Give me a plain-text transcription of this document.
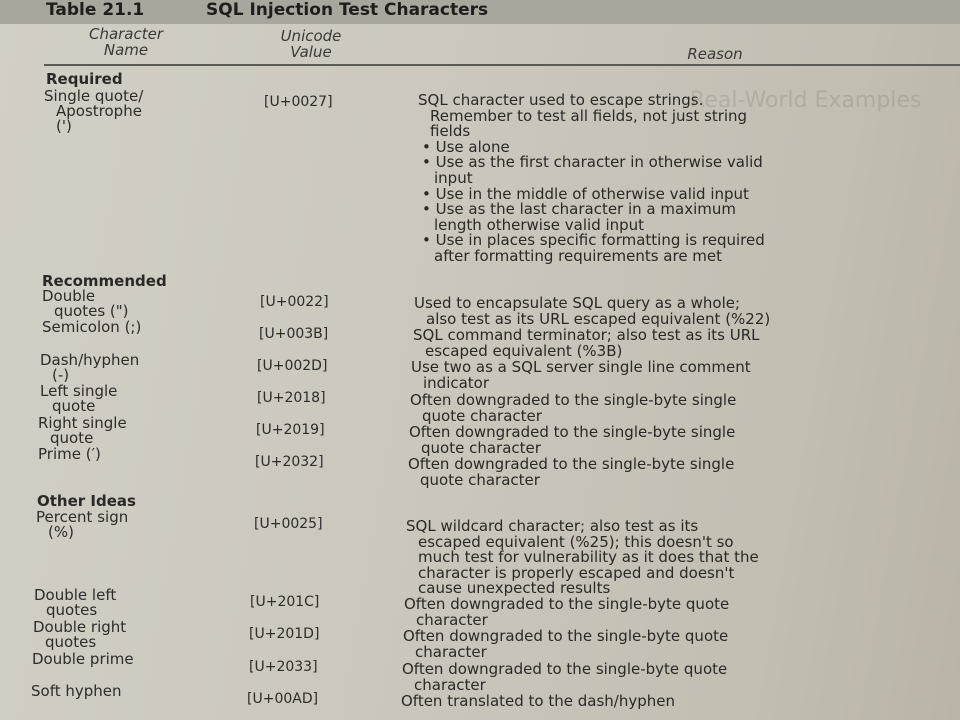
Real-World Examples
Table 21.1	SQL Injection Test Characters
Character
Name
Unicode
Value	Reason
Required
Single quote/
Apostrophe
(')
[U+0027]	SQL character used to escape strings.
Remember to test all fields, not just string
fields
• Use alone
• Use as the first character in otherwise valid
input
• Use in the middle of otherwise valid input
• Use as the last character in a maximum
length otherwise valid input
• Use in places specific formatting is required
after formatting requirements are met
Recommended
Double
quotes (")	[U+0022]	Used to encapsulate SQL query as a whole;
also test as its URL escaped equivalent (%22)
Semicolon (;)	[U+003B]	SQL command terminator; also test as its URL
escaped equivalent (%3B)
Dash/hyphen
(-)	[U+002D]	Use two as a SQL server single line comment
indicator
Left single
quote	[U+2018]	Often downgraded to the single-byte single
quote character
Right single
quote	[U+2019]	Often downgraded to the single-byte single
quote character
Prime (′)	[U+2032]	Often downgraded to the single-byte single
quote character
Other Ideas
Percent sign
(%)	[U+0025]	SQL wildcard character; also test as its
escaped equivalent (%25); this doesn't so
much test for vulnerability as it does that the
character is properly escaped and doesn't
cause unexpected results
Double left
quotes	[U+201C]	Often downgraded to the single-byte quote
character
Double right
quotes	[U+201D]	Often downgraded to the single-byte quote
character
Double prime	[U+2033]	Often downgraded to the single-byte quote
character
Soft hyphen	[U+00AD]	Often translated to the dash/hyphen
